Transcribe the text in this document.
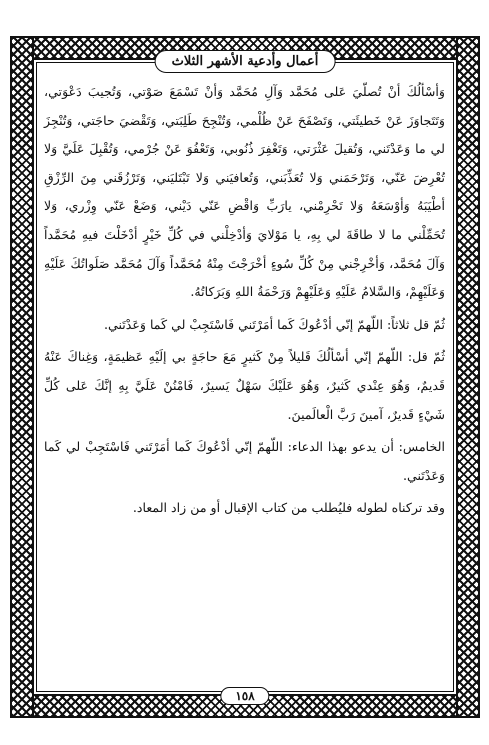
أعمال وأدعية الأشهر الثلاث
١٥٨

وَأسْألُكَ أنْ تُصلّيَ عَلى مُحَمَّد وَآلِ مُحَمَّد وَأنْ تَسْمَعَ صَوْتي، وَتُجيبَ دَعْوَتي، وَتَتَجاوَزَ عَنْ خَطيئَتي، وَتَصْفَحَ عَنْ ظُلْمي، وَتُنْجِحَ طَلِبَتي، وَتَقْضيَ حاجَتي، وَتُنْجِزَ لي ما وَعَدْتَني، وَتُقيلَ عَثْرَتي، وَتَغْفِرَ ذُنُوبي، وَتَعْفُوَ عَنْ جُرْمي، وَتُقْبِلَ عَلَيَّ وَلا تُعْرِضَ عَنّي، وَتَرْحَمَني وَلا تُعَذِّبَني، وَتُعافيَني وَلا تَبْتَليَني، وَتَرْزُقَني مِنَ الرِّزْقِ أطْيَبَهُ وَأوْسَعَهُ وَلا تَحْرِمْني، يارَبِّ وَاقْضِ عَنّي دَيْني، وَضَعْ عَنّي وِزْري، وَلا تُحَمِّلْني ما لا طاقَةَ لي بِهِ، يا مَوْلايَ وَأدْخِلْني في كُلِّ خَيْرٍ أدْخَلْتَ فيهِ مُحَمَّداً وَآلَ مُحَمَّد، وَأخْرِجْني مِنْ كُلِّ سُوءٍ أخْرَجْتَ مِنْهُ مُحَمَّداً وَآلَ مُحَمَّد صَلَواتُكَ عَلَيْهِ وَعَلَيْهِمْ، وَالسَّلامُ عَلَيْهِ وَعَلَيْهِمْ وَرَحْمَةُ اللهِ وَبَرَكاتُهُ.

ثُمّ قل ثلاثاً: اللّهمّ إنّي أدْعُوكَ كَما أمَرْتَني فَاسْتَجِبْ لي كَما وَعَدْتَني.

ثُمّ قل: اللّهمّ إنّي أسْألُكَ قَليلاً مِنْ كَثيرٍ مَعَ حاجَةٍ بي إلَيْهِ عَظيمَةٍ، وَغِناكَ عَنْهُ قَديمٌ، وَهُوَ عِنْدي كَثيرٌ، وَهُوَ عَلَيْكَ سَهْلٌ يَسيرٌ، فَامْنُنْ عَلَيَّ بِهِ إنَّكَ عَلى كُلِّ شَيْءٍ قَديرٌ، آمينَ رَبَّ الْعالَمينَ.

الخامس: أن يدعو بهذا الدعاء: اللّهمّ إنّي أدْعُوكَ كَما أمَرْتَني فَاسْتَجِبْ لي كَما وَعَدْتَني.

وقد تركناه لطوله فليُطلب من كتاب الإقبال أو من زاد المعاد.
